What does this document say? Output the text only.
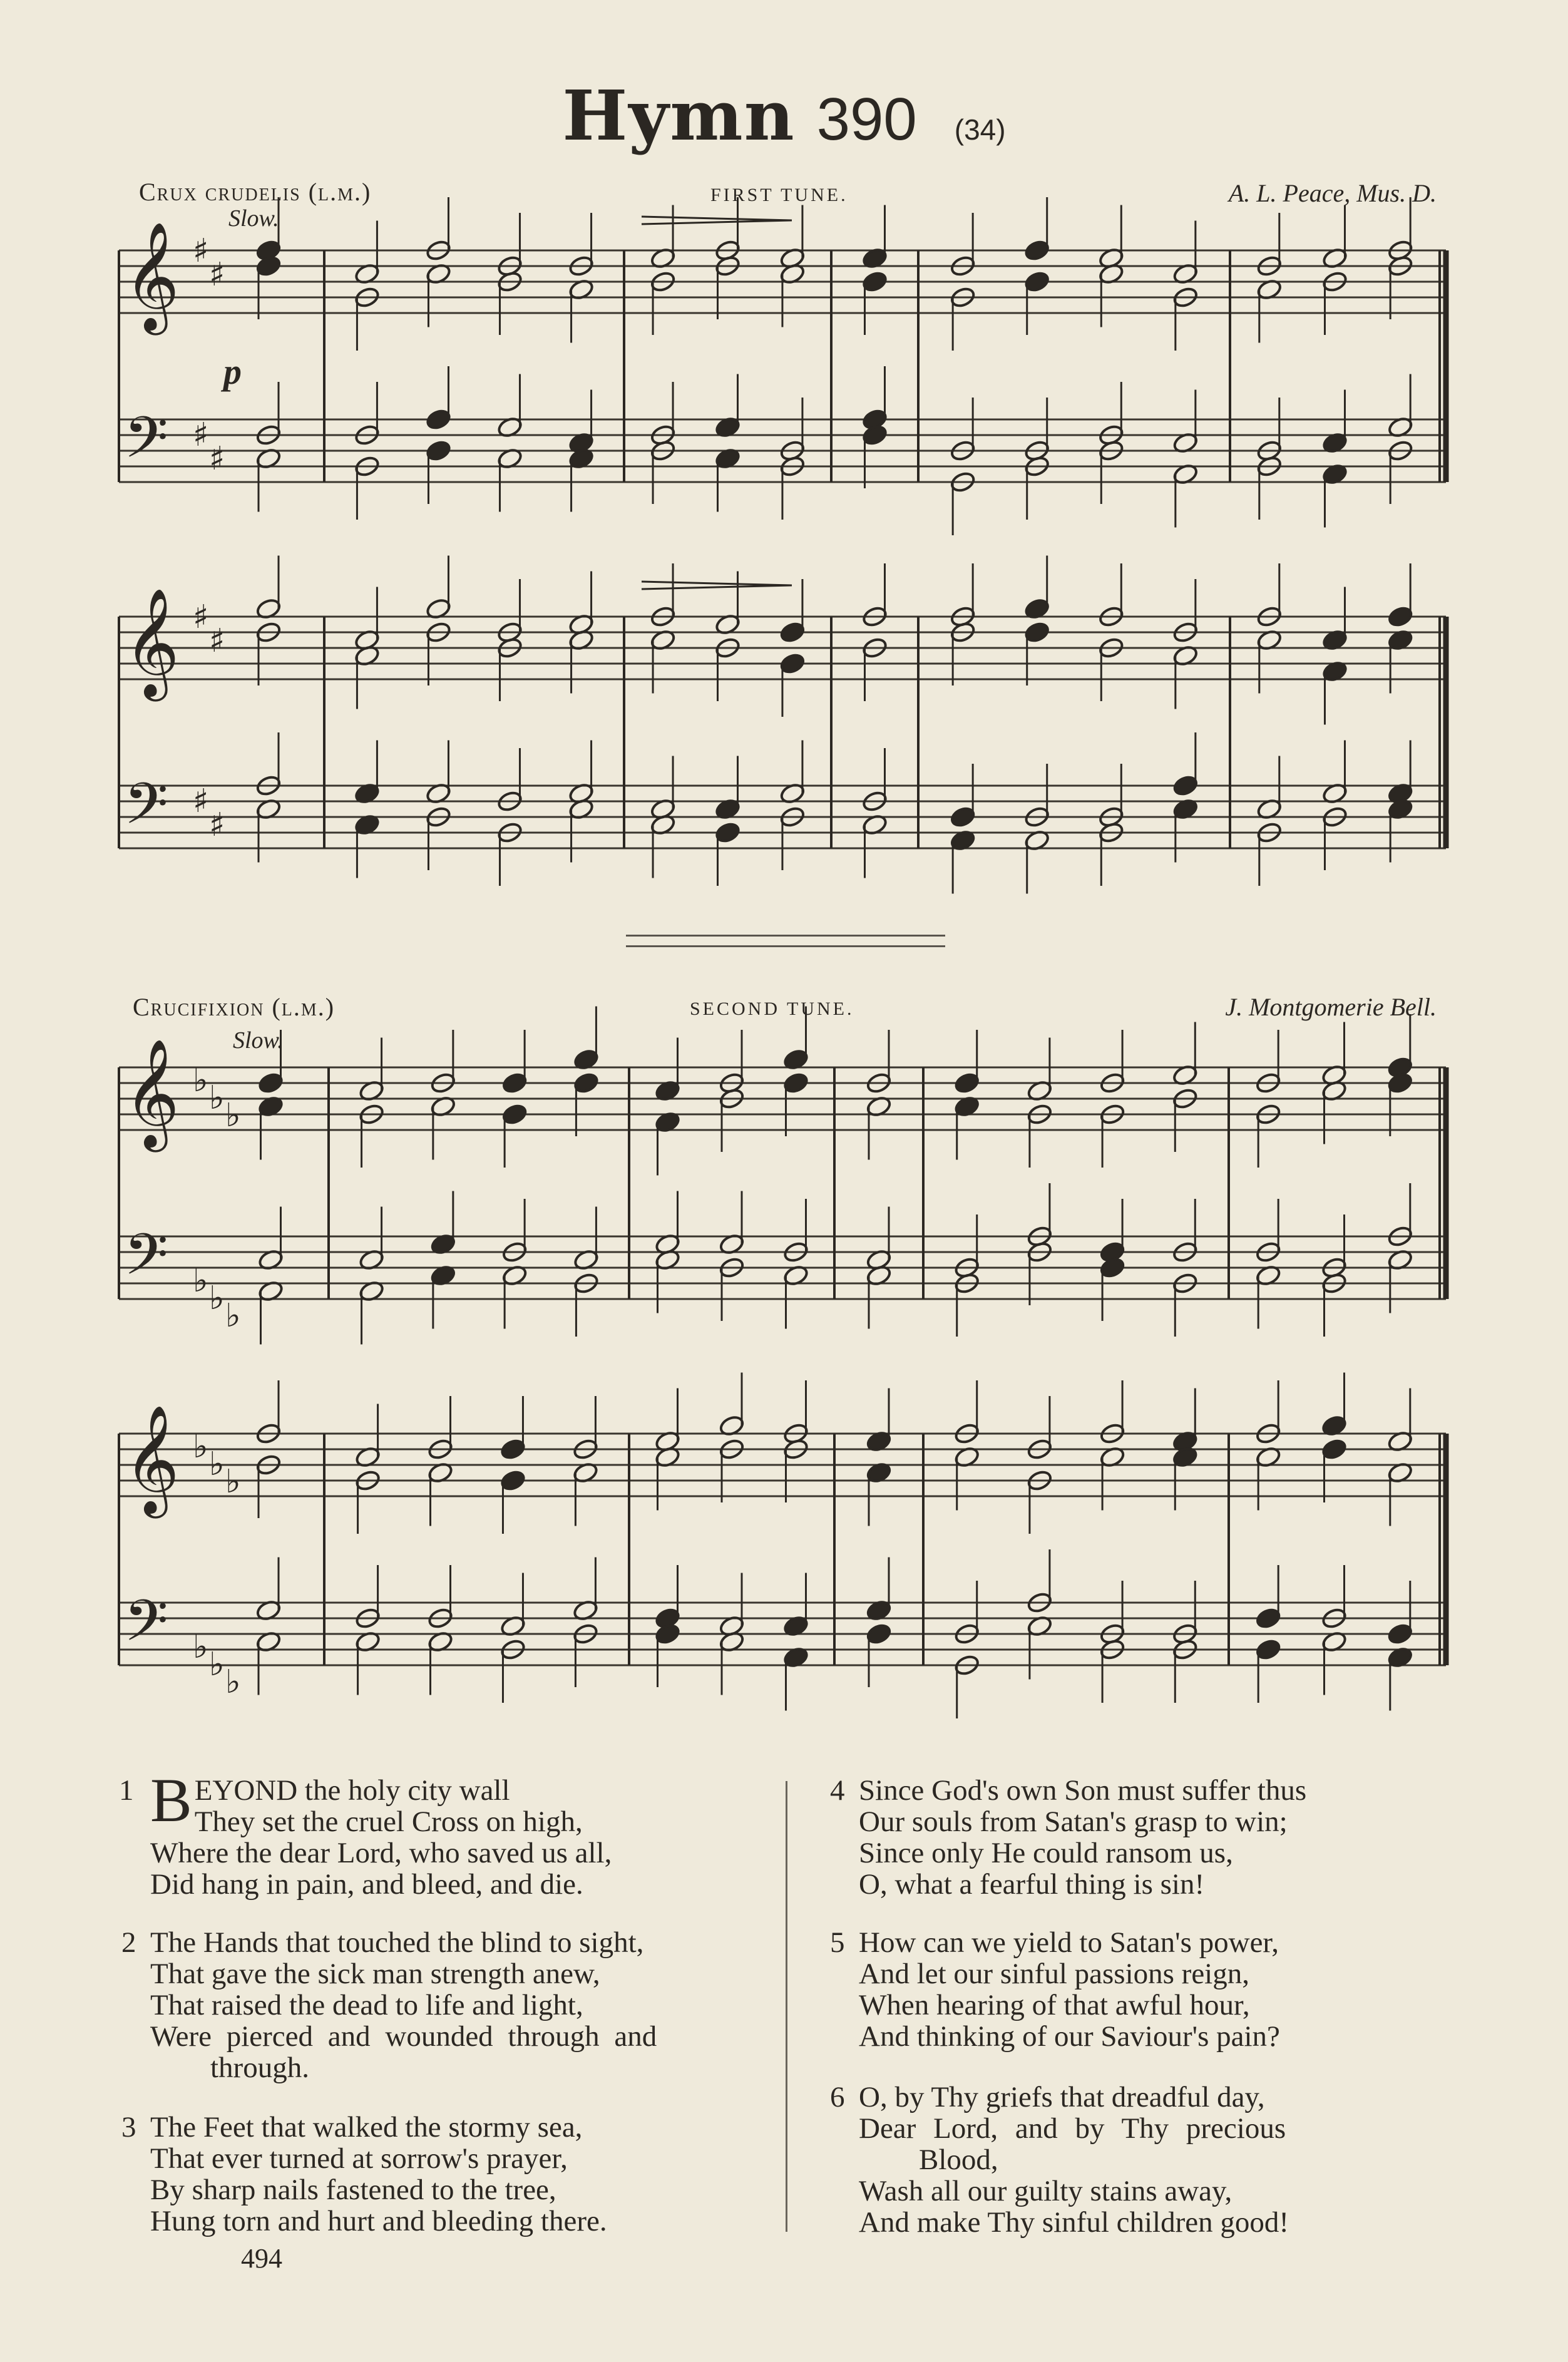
Hymn 390 (34)
Crux crudelis (l.m.)	FIRST TUNE.	A. L. Peace, Mus. D.
Slow.
p
Crucifixion (l.m.)	SECOND TUNE.	J. Montgomerie Bell.
Slow.
𝄞
𝄢
♯
♯
♯
♯
𝄞
𝄢
♯
♯
♯
♯
𝄞
𝄢
♭
♭
♭
♭
♭
♭
𝄞
𝄢
♭
♭
♭
♭
♭
♭
1 BEYOND the holy city wall
They set the cruel Cross on high,
Where the dear Lord, who saved us all,
Did hang in pain, and bleed, and die.
2 The Hands that touched the blind to sight,
That gave the sick man strength anew,
That raised the dead to life and light,
Were pierced and wounded through and
through.
3 The Feet that walked the stormy sea,
That ever turned at sorrow's prayer,
By sharp nails fastened to the tree,
Hung torn and hurt and bleeding there.
4 Since God's own Son must suffer thus
Our souls from Satan's grasp to win;
Since only He could ransom us,
O, what a fearful thing is sin!
5 How can we yield to Satan's power,
And let our sinful passions reign,
When hearing of that awful hour,
And thinking of our Saviour's pain?
6 O, by Thy griefs that dreadful day,
Dear Lord, and by Thy precious
Blood,
Wash all our guilty stains away,
And make Thy sinful children good!
494
